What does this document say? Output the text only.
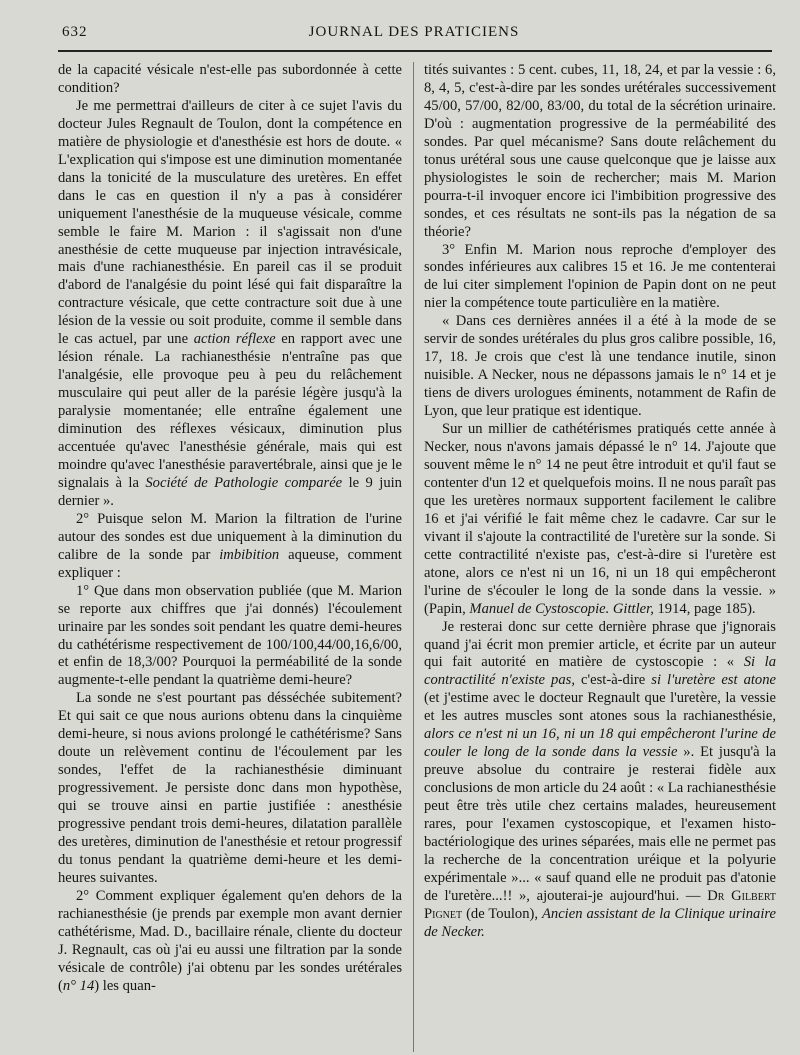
632	JOURNAL DES PRATICIENS

de la capacité vésicale n'est-elle pas subordonnée à cette condition?

Je me permettrai d'ailleurs de citer à ce sujet l'avis du docteur Jules Regnault de Toulon, dont la compétence en matière de physiologie et d'anesthésie est hors de doute. « L'explication qui s'impose est une diminution momentanée dans la tonicité de la musculature des uretères. En effet dans le cas en question il n'y a pas à considérer uniquement l'anesthésie de la muqueuse vésicale, comme semble le faire M. Marion : il s'agissait non d'une anesthésie de cette muqueuse par injection intravésicale, mais d'une rachianesthésie. En pareil cas il se produit d'abord de l'analgésie du point lésé qui fait disparaître la contracture vésicale, que cette contracture soit due à une lésion de la vessie ou soit produite, comme il semble dans le cas actuel, par une action réflexe en rapport avec une lésion rénale. La rachianesthésie n'entraîne pas que l'analgésie, elle provoque peu à peu du relâchement musculaire qui peut aller de la parésie légère jusqu'à la paralysie momentanée; elle entraîne également une diminution des réflexes vésicaux, diminution plus accentuée qu'avec l'anesthésie générale, mais qui est moindre qu'avec l'anesthésie paravertébrale, ainsi que je le signalais à la Société de Pathologie comparée le 9 juin dernier ».

2° Puisque selon M. Marion la filtration de l'urine autour des sondes est due uniquement à la diminution du calibre de la sonde par imbibition aqueuse, comment expliquer :

1° Que dans mon observation publiée (que M. Marion se reporte aux chiffres que j'ai donnés) l'écoulement urinaire par les sondes soit pendant les quatre demi-heures du cathétérisme respectivement de 100/100,44/00,16,6/00, et enfin de 18,3/00? Pourquoi la perméabilité de la sonde augmente-t-elle pendant la quatrième demi-heure?

La sonde ne s'est pourtant pas désséchée subitement? Et qui sait ce que nous aurions obtenu dans la cinquième demi-heure, si nous avions prolongé le cathétérisme? Sans doute un relèvement continu de l'écoulement par les sondes, l'effet de la rachianesthésie diminuant progressivement. Je persiste donc dans mon hypothèse, qui se trouve ainsi en partie justifiée : anesthésie progressive pendant trois demi-heures, dilatation parallèle des uretères, diminution de l'anesthésie et retour progressif du tonus pendant la quatrième demi-heure et les demi-heures suivantes.

2° Comment expliquer également qu'en dehors de la rachianesthésie (je prends par exemple mon avant dernier cathétérisme, Mad. D., bacillaire rénale, cliente du docteur J. Regnault, cas où j'ai eu aussi une filtration par la sonde vésicale de contrôle) j'ai obtenu par les sondes urétérales (n° 14) les quan-

tités suivantes : 5 cent. cubes, 11, 18, 24, et par la vessie : 6, 8, 4, 5, c'est-à-dire par les sondes urétérales successivement 45/00, 57/00, 82/00, 83/00, du total de la sécrétion urinaire. D'où : augmentation progressive de la perméabilité des sondes. Par quel mécanisme? Sans doute relâchement du tonus urétéral sous une cause quelconque que je laisse aux physiologistes le soin de rechercher; mais M. Marion pourra-t-il invoquer encore ici l'imbibition progressive des sondes, et ces résultats ne sont-ils pas la négation de sa théorie?

3° Enfin M. Marion nous reproche d'employer des sondes inférieures aux calibres 15 et 16. Je me contenterai de lui citer simplement l'opinion de Papin dont on ne peut nier la compétence toute particulière en la matière.

« Dans ces dernières années il a été à la mode de se servir de sondes urétérales du plus gros calibre possible, 16, 17, 18. Je crois que c'est là une tendance inutile, sinon nuisible. A Necker, nous ne dépassons jamais le n° 14 et je tiens de divers urologues éminents, notamment de Rafin de Lyon, que leur pratique est identique.

Sur un millier de cathétérismes pratiqués cette année à Necker, nous n'avons jamais dépassé le n° 14. J'ajoute que souvent même le n° 14 ne peut être introduit et qu'il faut se contenter d'un 12 et quelquefois moins. Il ne nous paraît pas que les uretères normaux supportent facilement le calibre 16 et j'ai vérifié le fait même chez le cadavre. Car sur le vivant il s'ajoute la contractilité de l'uretère sur la sonde. Si cette contractilité n'existe pas, c'est-à-dire si l'uretère est atone, alors ce n'est ni un 16, ni un 18 qui empêcheront l'urine de s'écouler le long de la sonde dans la vessie. » (Papin, Manuel de Cystoscopie. Gittler, 1914, page 185).

Je resterai donc sur cette dernière phrase que j'ignorais quand j'ai écrit mon premier article, et écrite par un auteur qui fait autorité en matière de cystoscopie : « Si la contractilité n'existe pas, c'est-à-dire si l'uretère est atone (et j'estime avec le docteur Regnault que l'uretère, la vessie et les autres muscles sont atones sous la rachianesthésie, alors ce n'est ni un 16, ni un 18 qui empêcheront l'urine de couler le long de la sonde dans la vessie ». Et jusqu'à la preuve absolue du contraire je resterai fidèle aux conclusions de mon article du 24 août : « La rachianesthésie peut être très utile chez certains malades, heureusement rares, pour l'examen cystoscopique, et l'examen histo-bactériologique des urines séparées, mais elle ne permet pas la recherche de la concentration uréique et la polyurie expérimentale »... « sauf quand elle ne produit pas d'atonie de l'uretère...!! », ajouterai-je aujourd'hui. — Dr Gilbert Pignet (de Toulon), Ancien assistant de la Clinique urinaire de Necker.
